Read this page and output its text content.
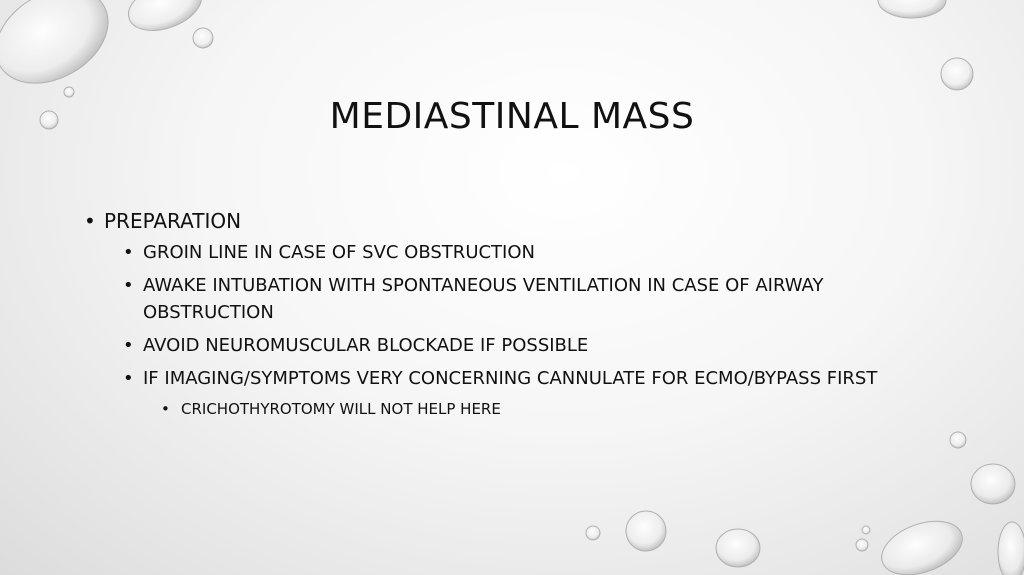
MEDIASTINAL MASS
• PREPARATION
• GROIN LINE IN CASE OF SVC OBSTRUCTION
• AWAKE INTUBATION WITH SPONTANEOUS VENTILATION IN CASE OF AIRWAY OBSTRUCTION
• AVOID NEUROMUSCULAR BLOCKADE IF POSSIBLE
• IF IMAGING/SYMPTOMS VERY CONCERNING CANNULATE FOR ECMO/BYPASS FIRST
• CRICHOTHYROTOMY WILL NOT HELP HERE
